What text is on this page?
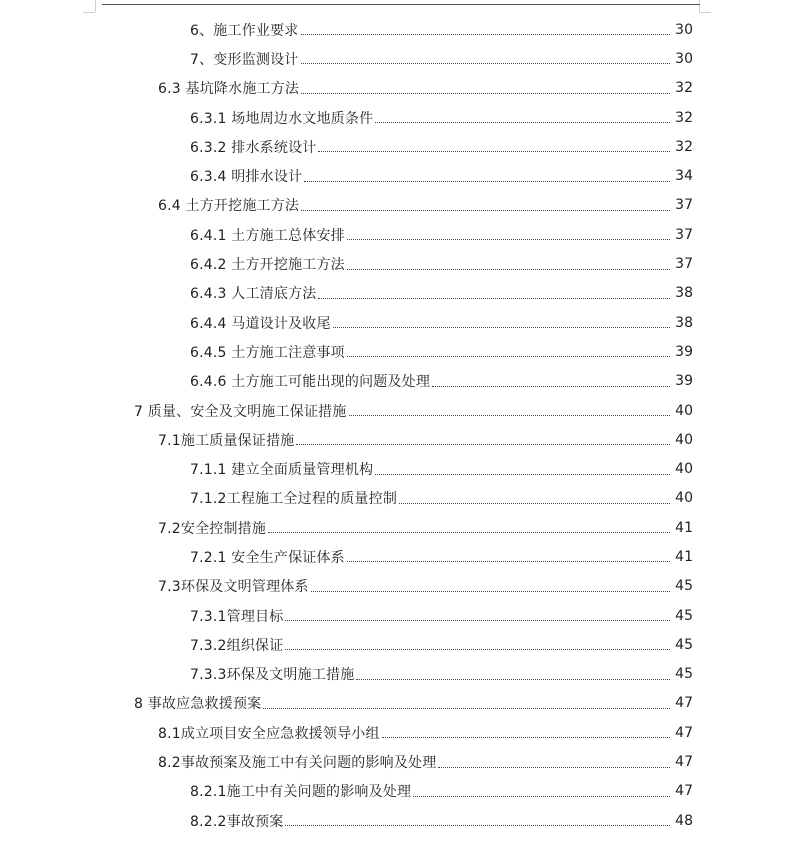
6、施工作业要求	30
7、变形监测设计	30
6.3 基坑降水施工方法	32
6.3.1 场地周边水文地质条件	32
6.3.2 排水系统设计	32
6.3.4 明排水设计	34
6.4 土方开挖施工方法	37
6.4.1 土方施工总体安排	37
6.4.2 土方开挖施工方法	37
6.4.3 人工清底方法	38
6.4.4 马道设计及收尾	38
6.4.5 土方施工注意事项	39
6.4.6 土方施工可能出现的问题及处理	39
7 质量、安全及文明施工保证措施	40
7.1施工质量保证措施	40
7.1.1 建立全面质量管理机构	40
7.1.2工程施工全过程的质量控制	40
7.2安全控制措施	41
7.2.1 安全生产保证体系	41
7.3环保及文明管理体系	45
7.3.1管理目标	45
7.3.2组织保证	45
7.3.3环保及文明施工措施	45
8 事故应急救援预案	47
8.1成立项目安全应急救援领导小组	47
8.2事故预案及施工中有关问题的影响及处理	47
8.2.1施工中有关问题的影响及处理	47
8.2.2事故预案	48
